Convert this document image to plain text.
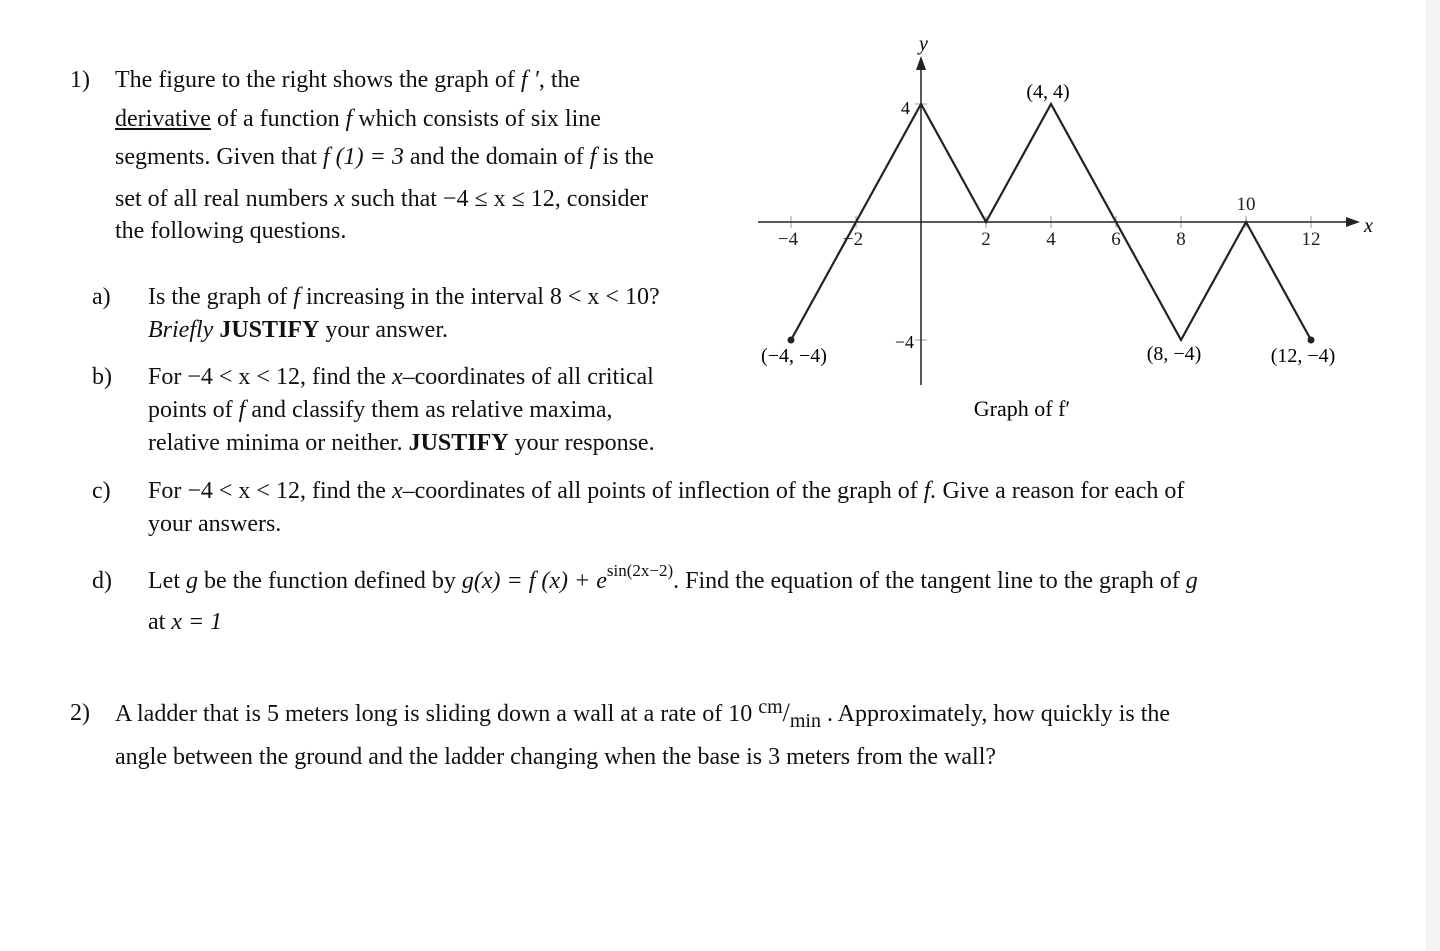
1) The figure to the right shows the graph of f ′, the
derivative of a function f which consists of six line
segments. Given that f (1) = 3 and the domain of f is the
set of all real numbers x such that −4 ≤ x ≤ 12, consider
the following questions.
a) Is the graph of f increasing in the interval 8 < x < 10?
Briefly JUSTIFY your answer.
b) For −4 < x < 12, find the x–coordinates of all critical
points of f and classify them as relative maxima,
relative minima or neither. JUSTIFY your response.
c) For −4 < x < 12, find the x–coordinates of all points of inflection of the graph of f. Give a reason for each of
your answers.
d) Let g be the function defined by g(x) = f $(x) + e^{sin(2x-2)}$. Find the equation of the tangent line to the graph of g
at x = 1
2) A ladder that is 5 meters long is sliding down a wall at a rate of 10 $^{cm}/_{min}$ . Approximately, how quickly is the
angle between the ground and the ladder changing when the base is 3 meters from the wall?
x
y
−4 −2	2	4	6	8
10
12
4
−4
(4, 4)
(−4, −4)	(8, −4)	(12, −4)
Graph of f′
